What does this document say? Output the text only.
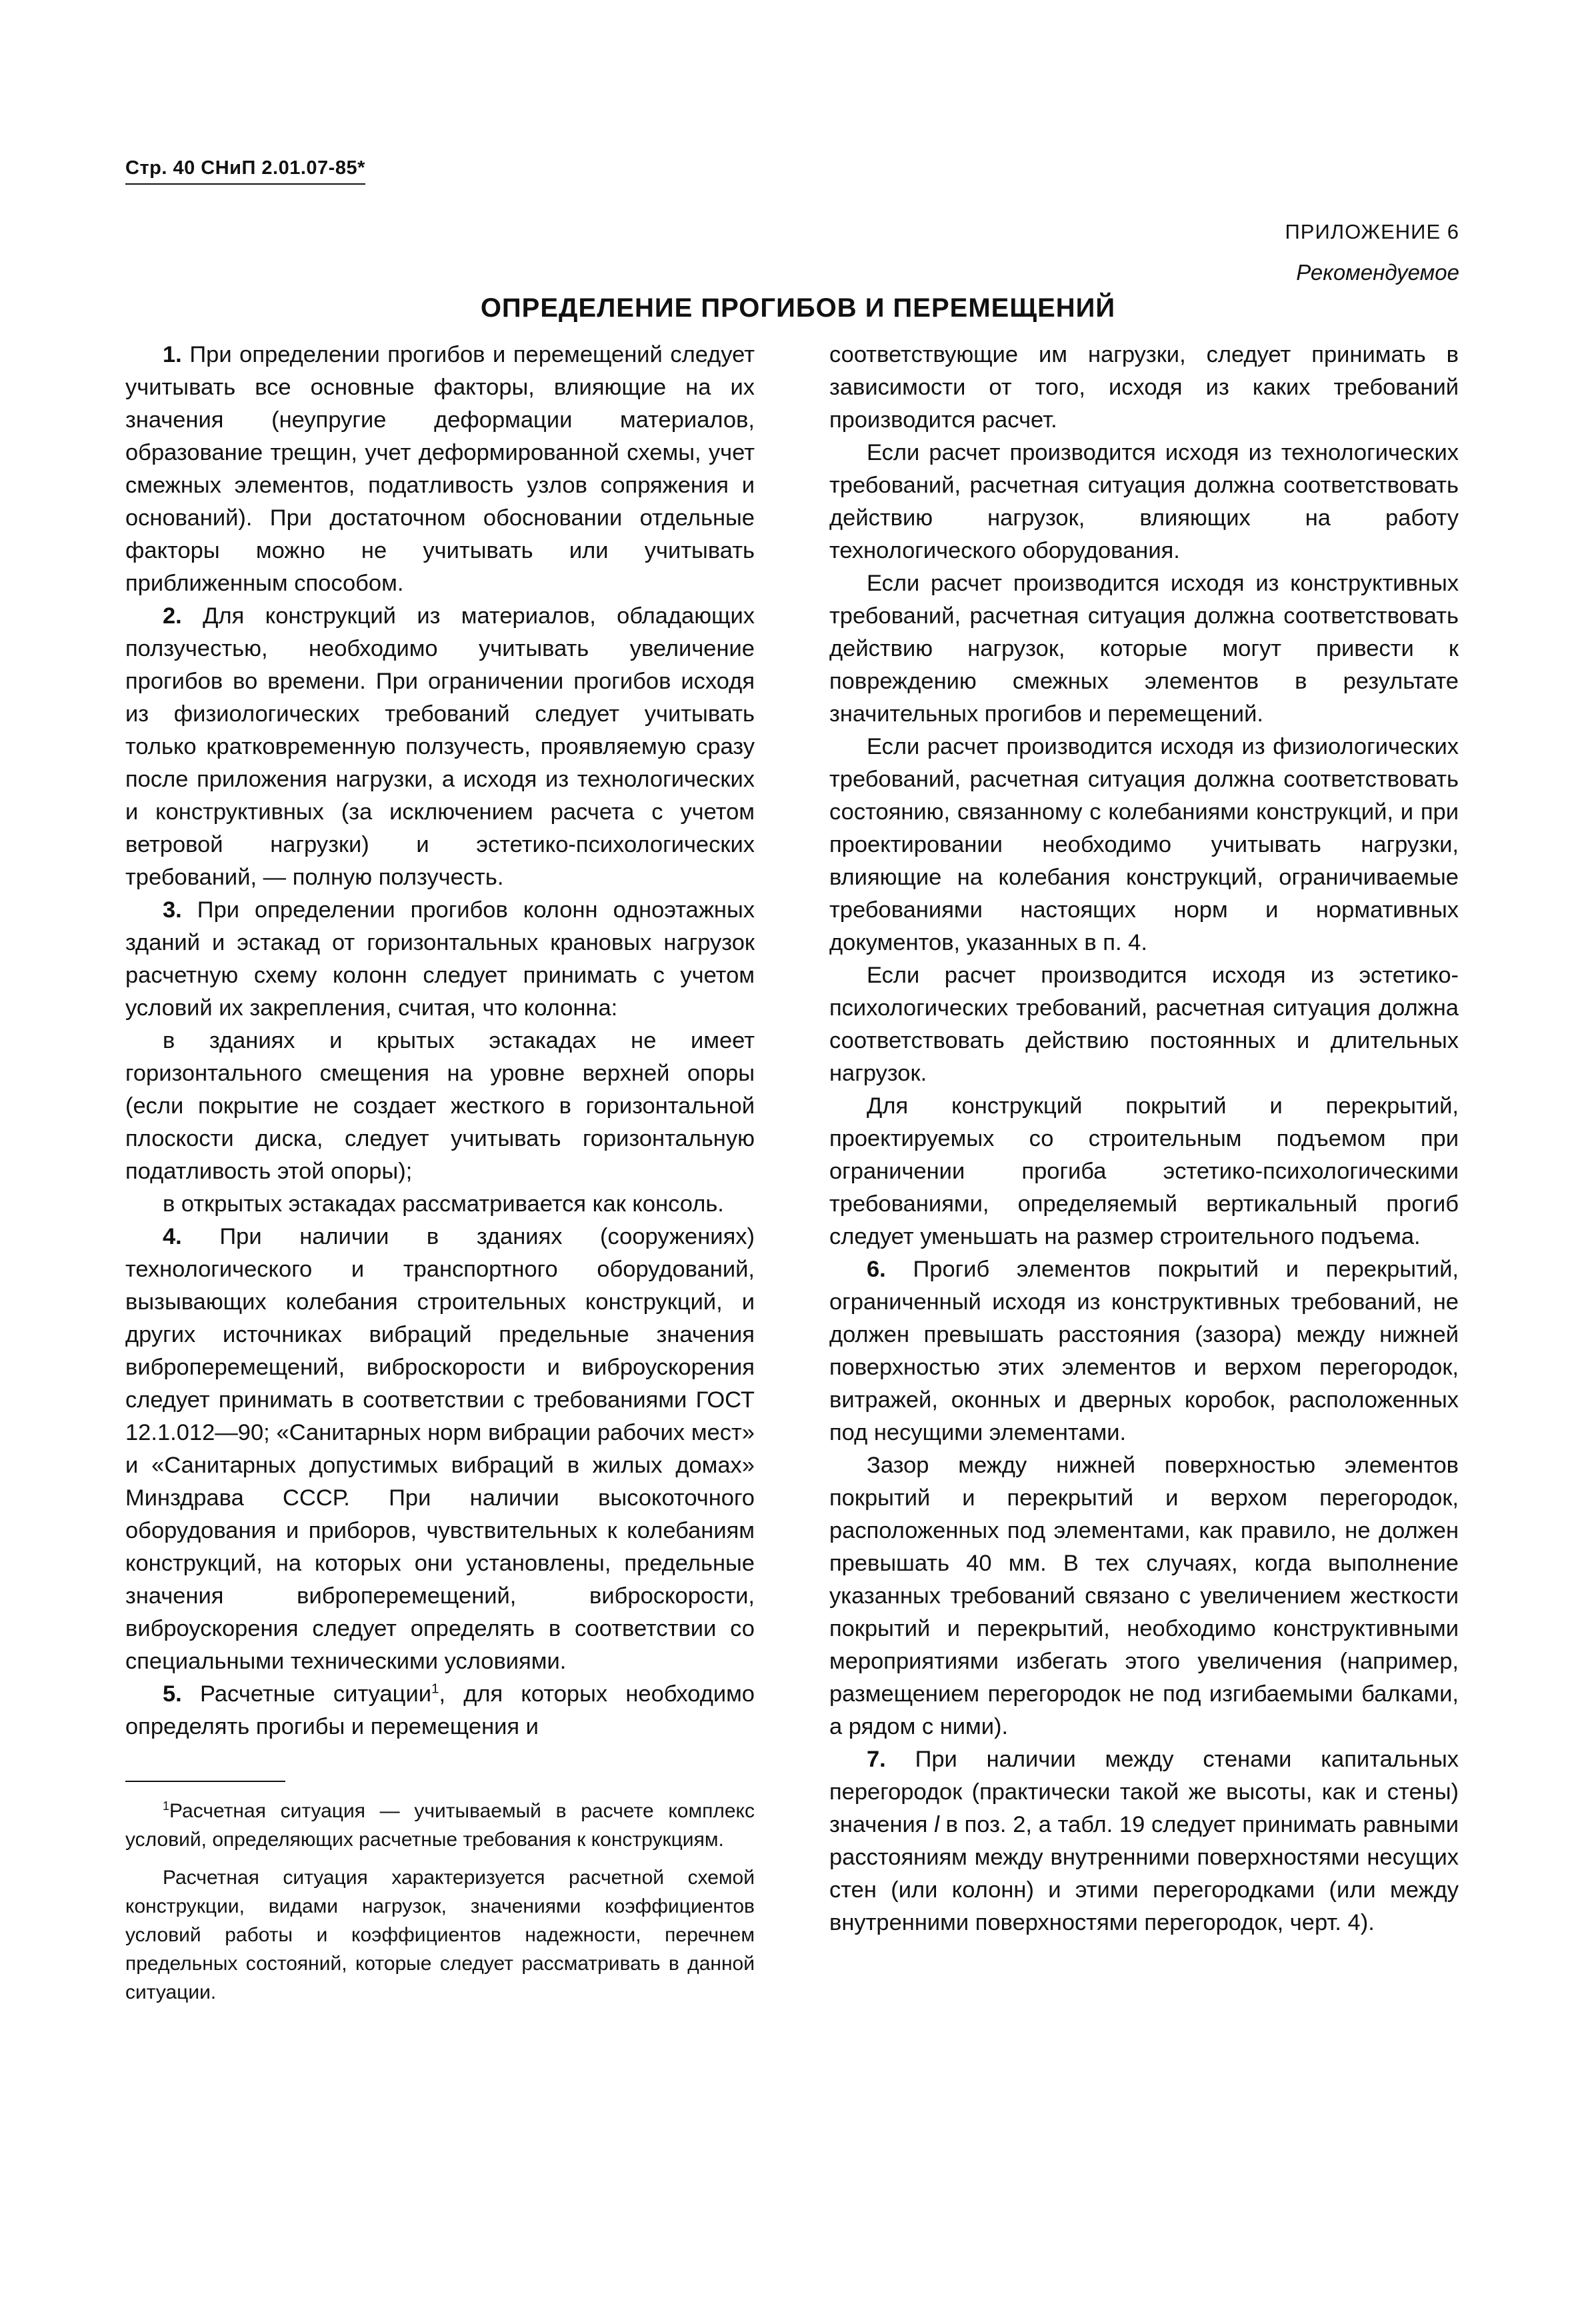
Стр. 40 СНиП 2.01.07-85*
ПРИЛОЖЕНИЕ 6
Рекомендуемое
ОПРЕДЕЛЕНИЕ ПРОГИБОВ И ПЕРЕМЕЩЕНИЙ

1. При определении прогибов и перемещений следует учитывать все основные факторы, влияющие на их значения (неупругие деформации материалов, образование трещин, учет деформированной схемы, учет смежных элементов, податливость узлов сопряжения и оснований). При достаточном обосновании отдельные факторы можно не учитывать или учитывать приближенным способом.

2. Для конструкций из материалов, обладающих ползучестью, необходимо учитывать увеличение прогибов во времени. При ограничении прогибов исходя из физиологических требований следует учитывать только кратковременную ползучесть, проявляемую сразу после приложения нагрузки, а исходя из технологических и конструктивных (за исключением расчета с учетом ветровой нагрузки) и эстетико-психологических требований, — полную ползучесть.

3. При определении прогибов колонн одноэтажных зданий и эстакад от горизонтальных крановых нагрузок расчетную схему колонн следует принимать с учетом условий их закрепления, считая, что колонна:

в зданиях и крытых эстакадах не имеет горизонтального смещения на уровне верхней опоры (если покрытие не создает жесткого в горизонтальной плоскости диска, следует учитывать горизонтальную податливость этой опоры);

в открытых эстакадах рассматривается как консоль.

4. При наличии в зданиях (сооружениях) технологического и транспортного оборудований, вызывающих колебания строительных конструкций, и других источниках вибраций предельные значения виброперемещений, виброскорости и виброускорения следует принимать в соответствии с требованиями ГОСТ 12.1.012—90; «Санитарных норм вибрации рабочих мест» и «Санитарных допустимых вибраций в жилых домах» Минздрава СССР. При наличии высокоточного оборудования и приборов, чувствительных к колебаниям конструкций, на которых они установлены, предельные значения виброперемещений, виброскорости, виброускорения следует определять в соответствии со специальными техническими условиями.

5. Расчетные ситуации$^1$, для которых необходимо определять прогибы и перемещения и

$^1$Расчетная ситуация — учитываемый в расчете комплекс условий, определяющих расчетные требования к конструкциям.

Расчетная ситуация характеризуется расчетной схемой конструкции, видами нагрузок, значениями коэффициентов условий работы и коэффициентов надежности, перечнем предельных состояний, которые следует рассматривать в данной ситуации.

соответствующие им нагрузки, следует принимать в зависимости от того, исходя из каких требований производится расчет.

Если расчет производится исходя из технологических требований, расчетная ситуация должна соответствовать действию нагрузок, влияющих на работу технологического оборудования.

Если расчет производится исходя из конструктивных требований, расчетная ситуация должна соответствовать действию нагрузок, которые могут привести к повреждению смежных элементов в результате значительных прогибов и перемещений.

Если расчет производится исходя из физиологических требований, расчетная ситуация должна соответствовать состоянию, связанному с колебаниями конструкций, и при проектировании необходимо учитывать нагрузки, влияющие на колебания конструкций, ограничиваемые требованиями настоящих норм и нормативных документов, указанных в п. 4.

Если расчет производится исходя из эстетико-психологических требований, расчетная ситуация должна соответствовать действию постоянных и длительных нагрузок.

Для конструкций покрытий и перекрытий, проектируемых со строительным подъемом при ограничении прогиба эстетико-психологическими требованиями, определяемый вертикальный прогиб следует уменьшать на размер строительного подъема.

6. Прогиб элементов покрытий и перекрытий, ограниченный исходя из конструктивных требований, не должен превышать расстояния (зазора) между нижней поверхностью этих элементов и верхом перегородок, витражей, оконных и дверных коробок, расположенных под несущими элементами.

Зазор между нижней поверхностью элементов покрытий и перекрытий и верхом перегородок, расположенных под элементами, как правило, не должен превышать 40 мм. В тех случаях, когда выполнение указанных требований связано с увеличением жесткости покрытий и перекрытий, необходимо конструктивными мероприятиями избегать этого увеличения (например, размещением перегородок не под изгибаемыми балками, а рядом с ними).

7. При наличии между стенами капитальных перегородок (практически такой же высоты, как и стены) значения l в поз. 2, а табл. 19 следует принимать равными расстояниям между внутренними поверхностями несущих стен (или колонн) и этими перегородками (или между внутренними поверхностями перегородок, черт. 4).
